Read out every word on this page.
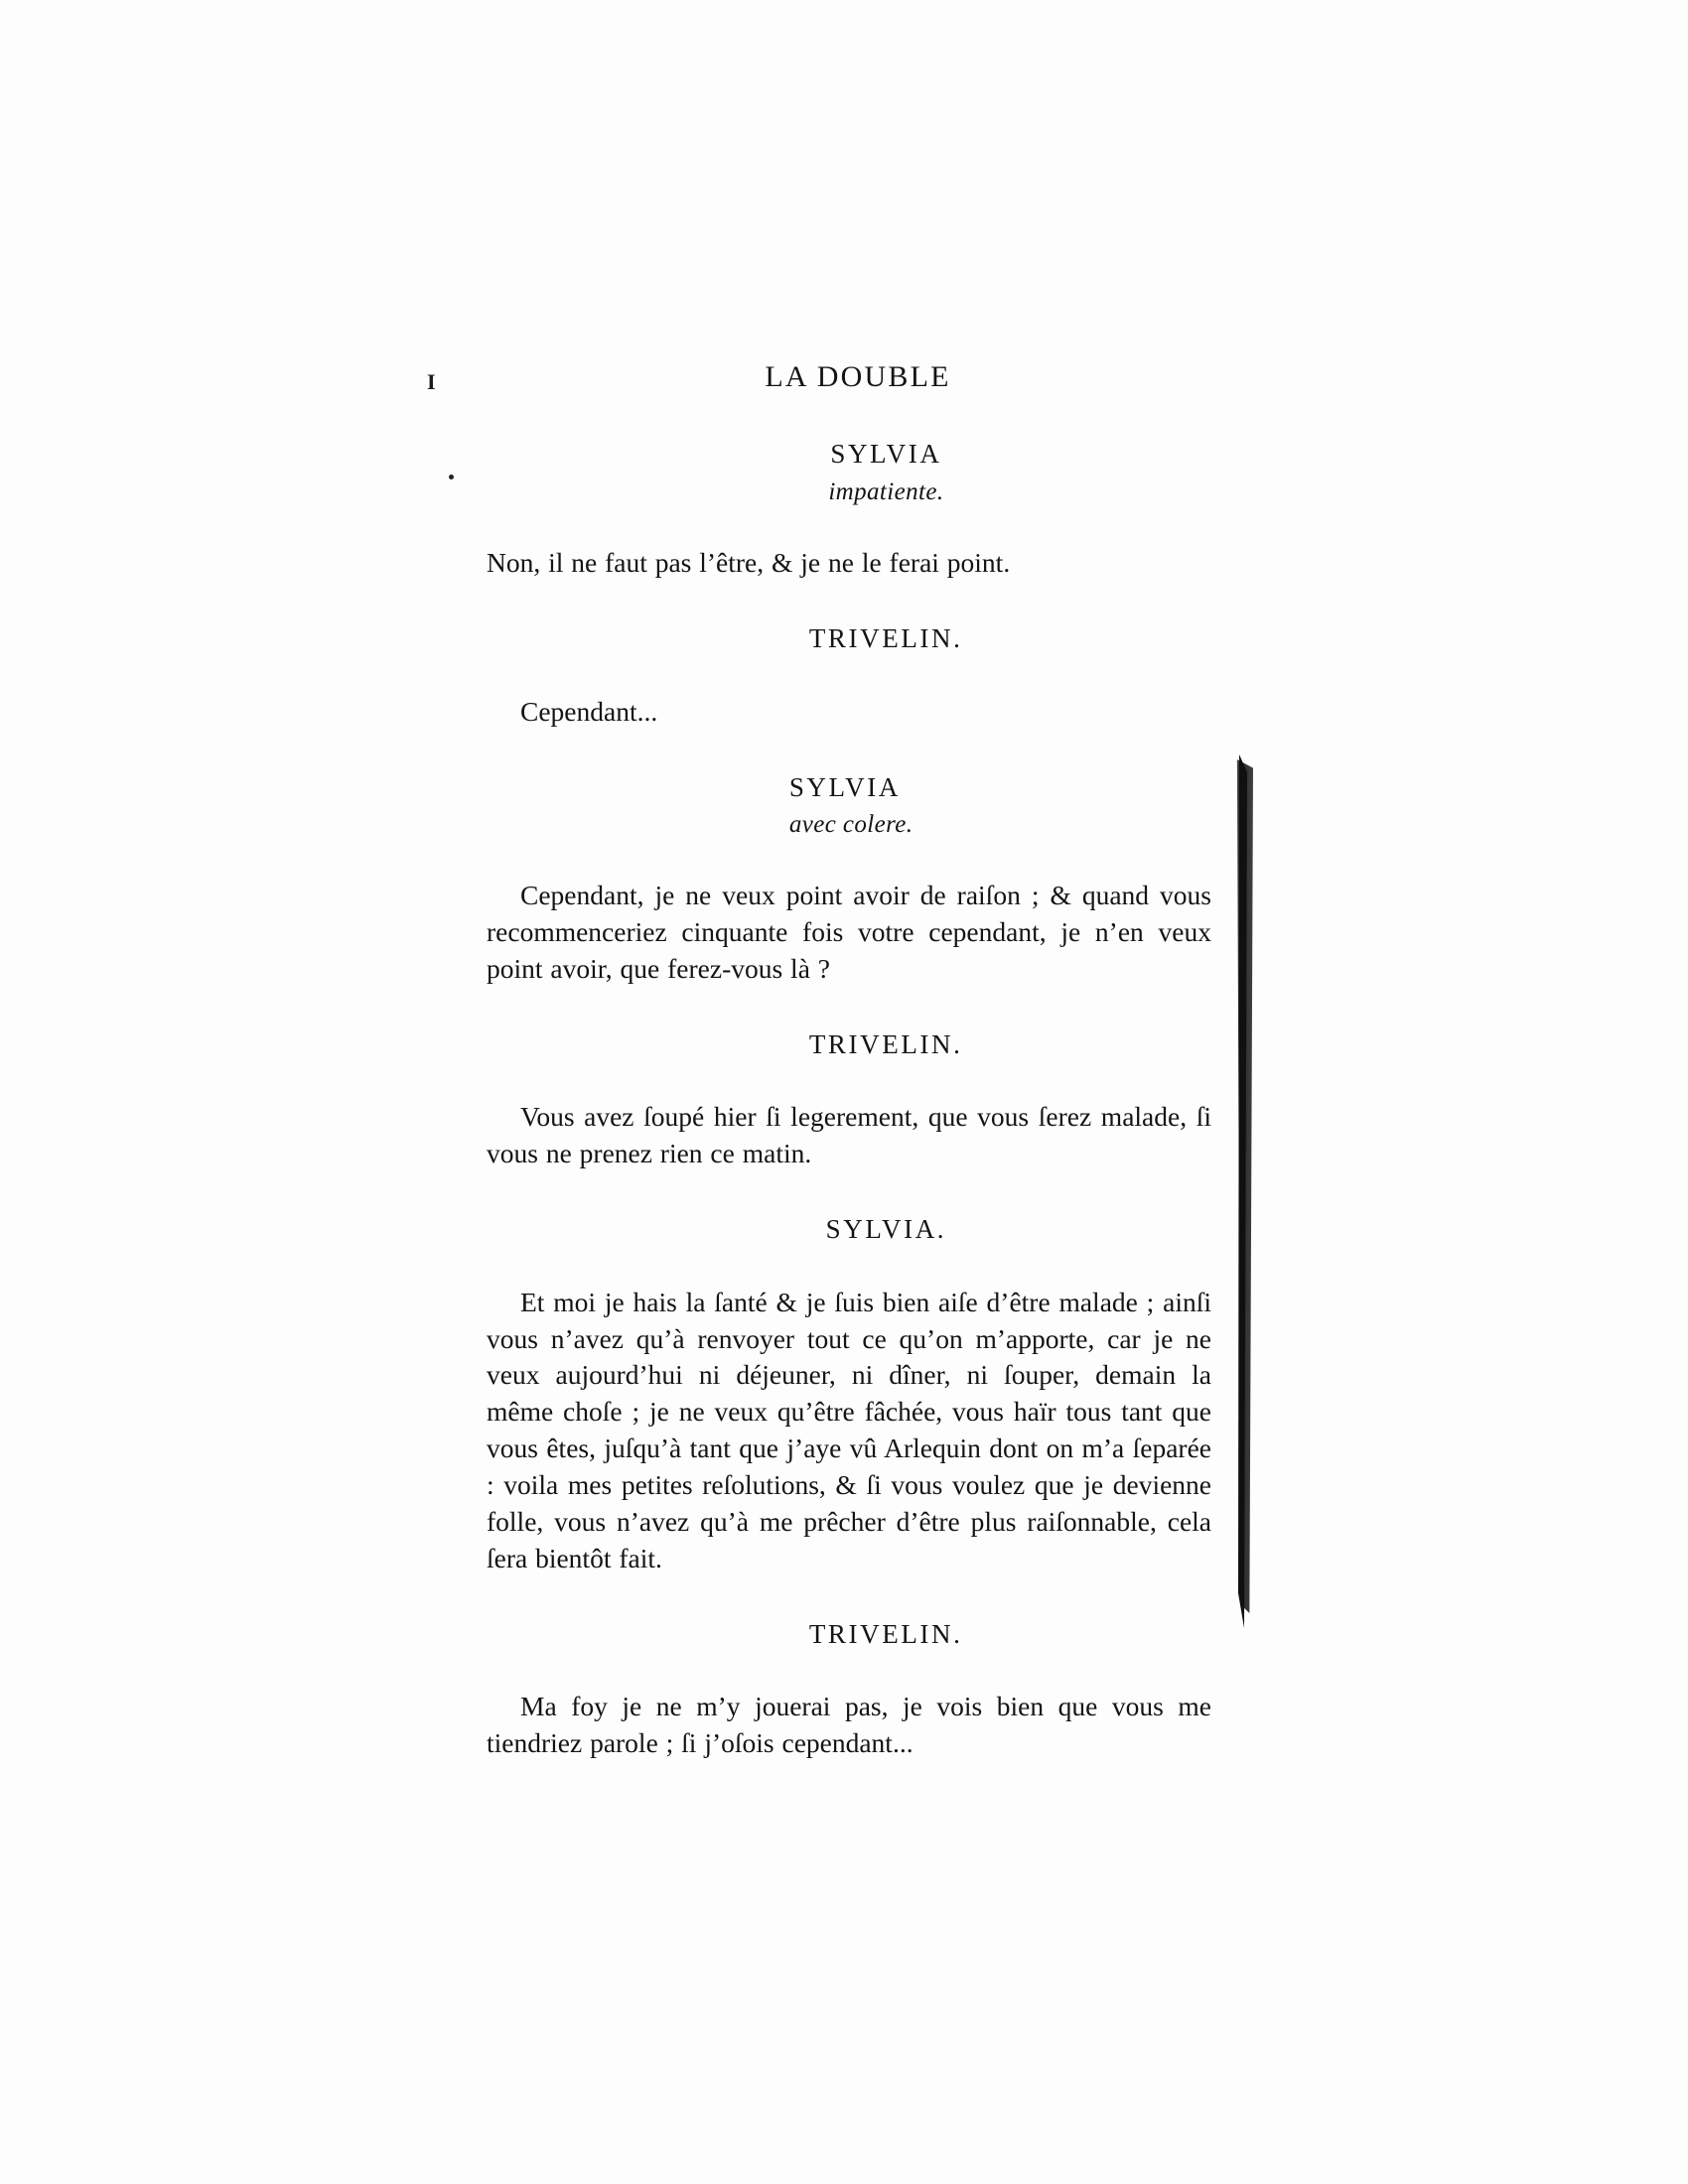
I	LA DOUBLE

SYLVIA
impatiente.

Non, il ne faut pas l’être, & je ne le ferai point.

TRIVELIN.

Cependant...

SYLVIA
avec colere.

Cependant, je ne veux point avoir de raiſon ; & quand vous recommenceriez cinquante fois votre cependant, je n’en veux point avoir, que ferez-vous là ?

TRIVELIN.

Vous avez ſoupé hier ſi legerement, que vous ſerez malade, ſi vous ne prenez rien ce matin.

SYLVIA.

Et moi je hais la ſanté & je ſuis bien aiſe d’être malade ; ainſi vous n’avez qu’à renvoyer tout ce qu’on m’apporte, car je ne veux aujourd’hui ni déjeuner, ni dîner, ni ſouper, demain la même choſe ; je ne veux qu’être fâchée, vous haïr tous tant que vous êtes, juſqu’à tant que j’aye vû Arlequin dont on m’a ſeparée : voila mes petites reſolutions, & ſi vous voulez que je devienne folle, vous n’avez qu’à me prêcher d’être plus raiſonnable, cela ſera bientôt fait.

TRIVELIN.

Ma foy je ne m’y jouerai pas, je vois bien que vous me tiendriez parole ; ſi j’oſois cependant...
